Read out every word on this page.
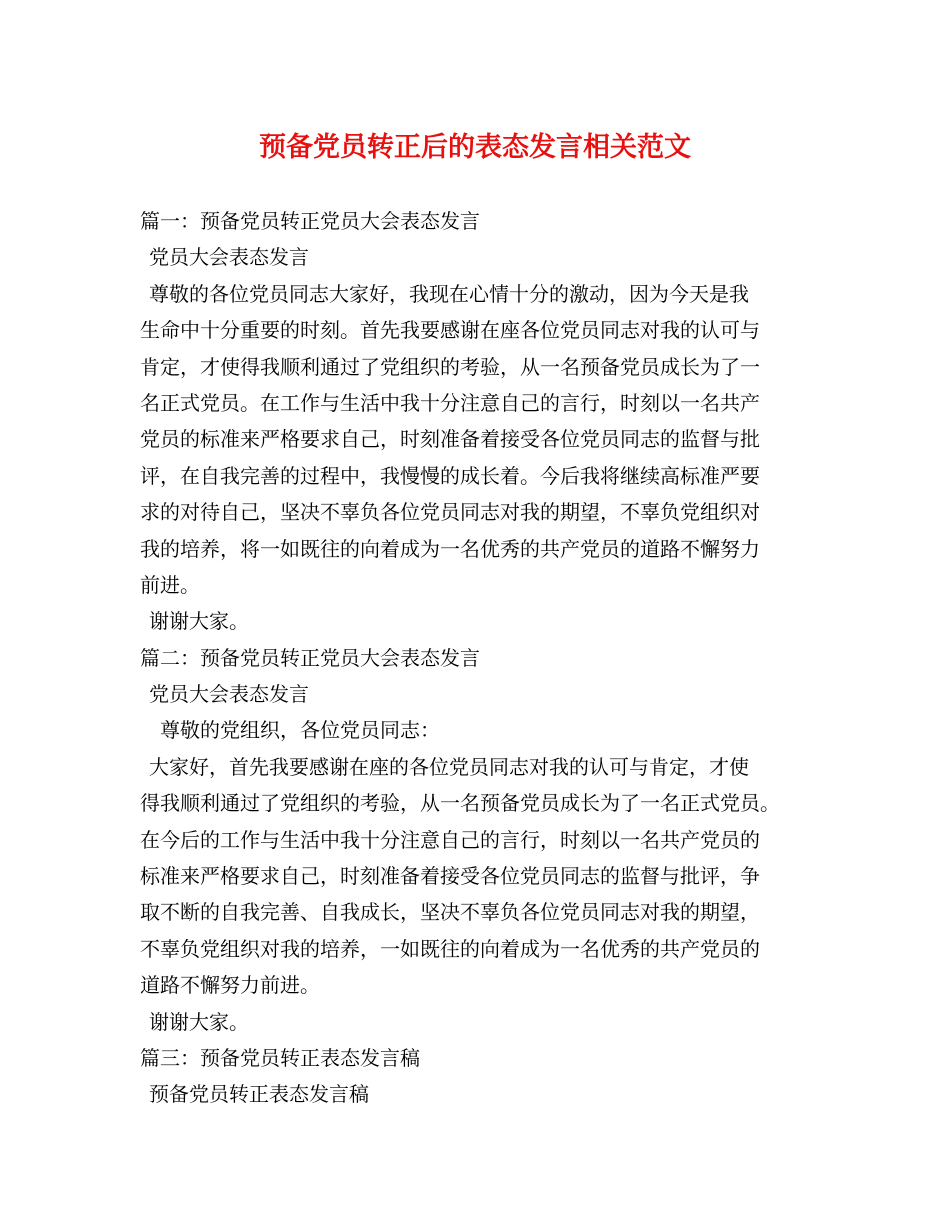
预备党员转正后的表态发言相关范文
篇一：预备党员转正党员大会表态发言
党员大会表态发言
尊敬的各位党员同志大家好，我现在心情十分的激动，因为今天是我
生命中十分重要的时刻。首先我要感谢在座各位党员同志对我的认可与
肯定，才使得我顺利通过了党组织的考验，从一名预备党员成长为了一
名正式党员。在工作与生活中我十分注意自己的言行，时刻以一名共产
党员的标准来严格要求自己，时刻准备着接受各位党员同志的监督与批
评，在自我完善的过程中，我慢慢的成长着。今后我将继续高标准严要
求的对待自己，坚决不辜负各位党员同志对我的期望，不辜负党组织对
我的培养，将一如既往的向着成为一名优秀的共产党员的道路不懈努力
前进。
谢谢大家。
篇二：预备党员转正党员大会表态发言
党员大会表态发言
尊敬的党组织，各位党员同志：
大家好，首先我要感谢在座的各位党员同志对我的认可与肯定，才使
得我顺利通过了党组织的考验，从一名预备党员成长为了一名正式党员。
在今后的工作与生活中我十分注意自己的言行，时刻以一名共产党员的
标准来严格要求自己，时刻准备着接受各位党员同志的监督与批评，争
取不断的自我完善、自我成长，坚决不辜负各位党员同志对我的期望，
不辜负党组织对我的培养，一如既往的向着成为一名优秀的共产党员的
道路不懈努力前进。
谢谢大家。
篇三：预备党员转正表态发言稿
预备党员转正表态发言稿
